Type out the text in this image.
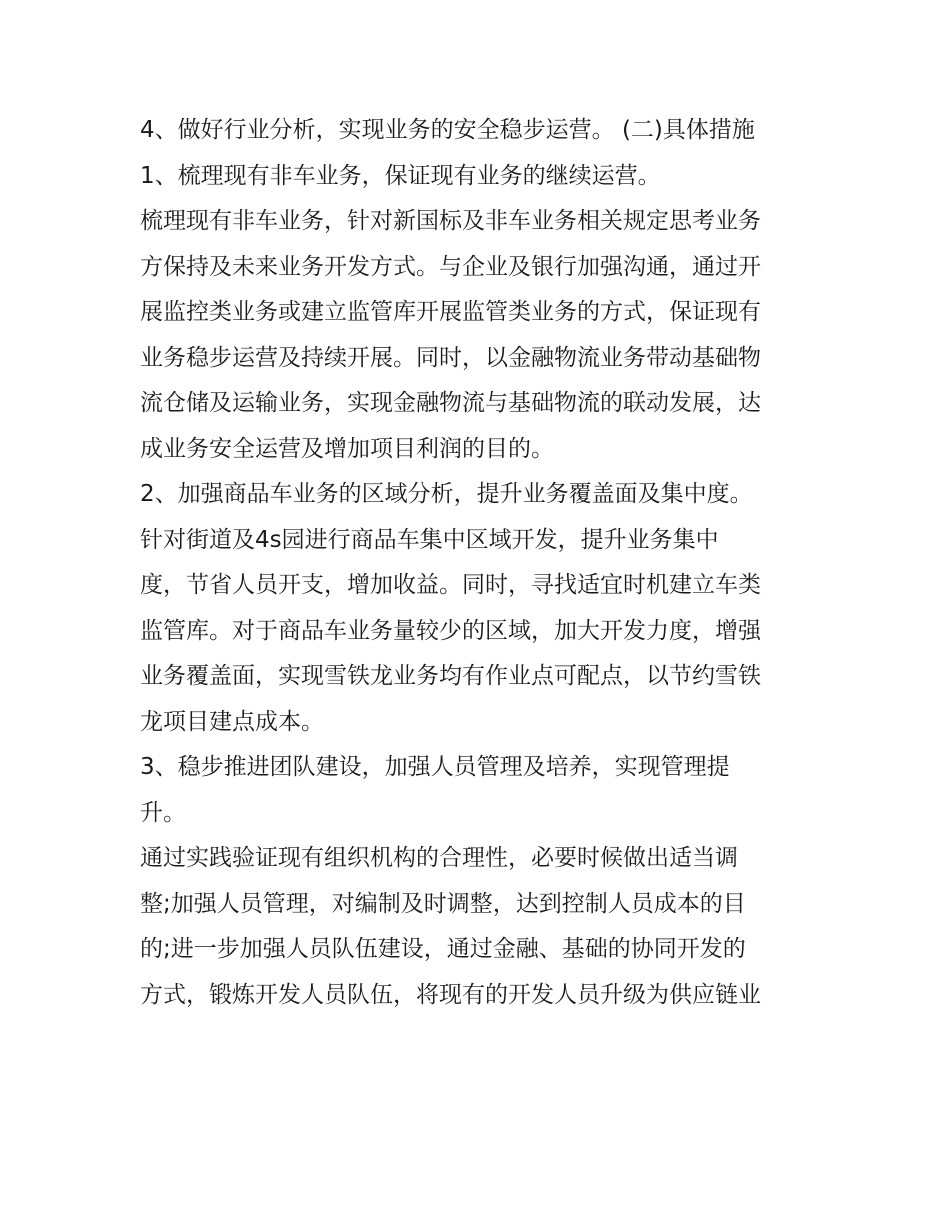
4、做好行业分析，实现业务的安全稳步运营。 (二)具体措施
1、梳理现有非车业务，保证现有业务的继续运营。
梳理现有非车业务，针对新国标及非车业务相关规定思考业务
方保持及未来业务开发方式。与企业及银行加强沟通，通过开
展监控类业务或建立监管库开展监管类业务的方式，保证现有
业务稳步运营及持续开展。同时，以金融物流业务带动基础物
流仓储及运输业务，实现金融物流与基础物流的联动发展，达
成业务安全运营及增加项目利润的目的。
2、加强商品车业务的区域分析，提升业务覆盖面及集中度。
针对街道及4s园进行商品车集中区域开发，提升业务集中
度，节省人员开支，增加收益。同时，寻找适宜时机建立车类
监管库。对于商品车业务量较少的区域，加大开发力度，增强
业务覆盖面，实现雪铁龙业务均有作业点可配点，以节约雪铁
龙项目建点成本。
3、稳步推进团队建设，加强人员管理及培养，实现管理提
升。
通过实践验证现有组织机构的合理性，必要时候做出适当调
整;加强人员管理，对编制及时调整，达到控制人员成本的目
的;进一步加强人员队伍建设，通过金融、基础的协同开发的
方式，锻炼开发人员队伍，将现有的开发人员升级为供应链业
